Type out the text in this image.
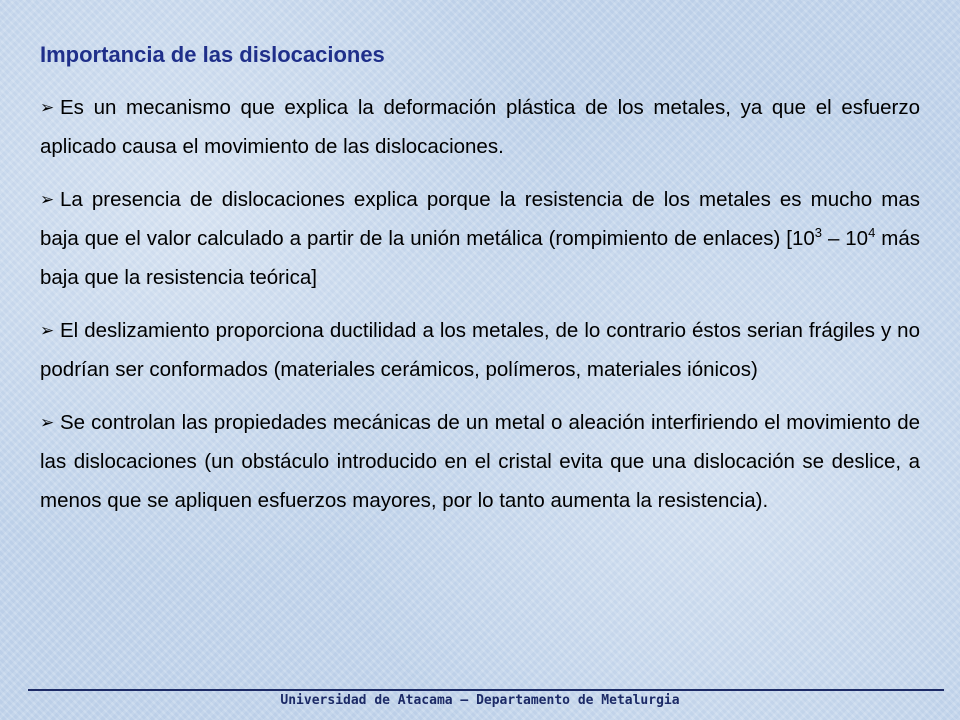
Importancia de las dislocaciones

➢ Es un mecanismo que explica la deformación plástica de los metales, ya que el esfuerzo aplicado causa el movimiento de las dislocaciones.

➢ La presencia de dislocaciones explica porque la resistencia de los metales es mucho mas baja que el valor calculado a partir de la unión metálica (rompimiento de enlaces) [$10^3 - 10^4$ más baja que la resistencia teórica]

➢ El deslizamiento proporciona ductilidad a los metales, de lo contrario éstos serian frágiles y no podrían ser conformados (materiales cerámicos, polímeros, materiales iónicos)

➢ Se controlan las propiedades mecánicas de un metal o aleación interfiriendo el movimiento de las dislocaciones (un obstáculo introducido en el cristal evita que una dislocación se deslice, a menos que se apliquen esfuerzos mayores, por lo tanto aumenta la resistencia).

Universidad de Atacama – Departamento de Metalurgia
